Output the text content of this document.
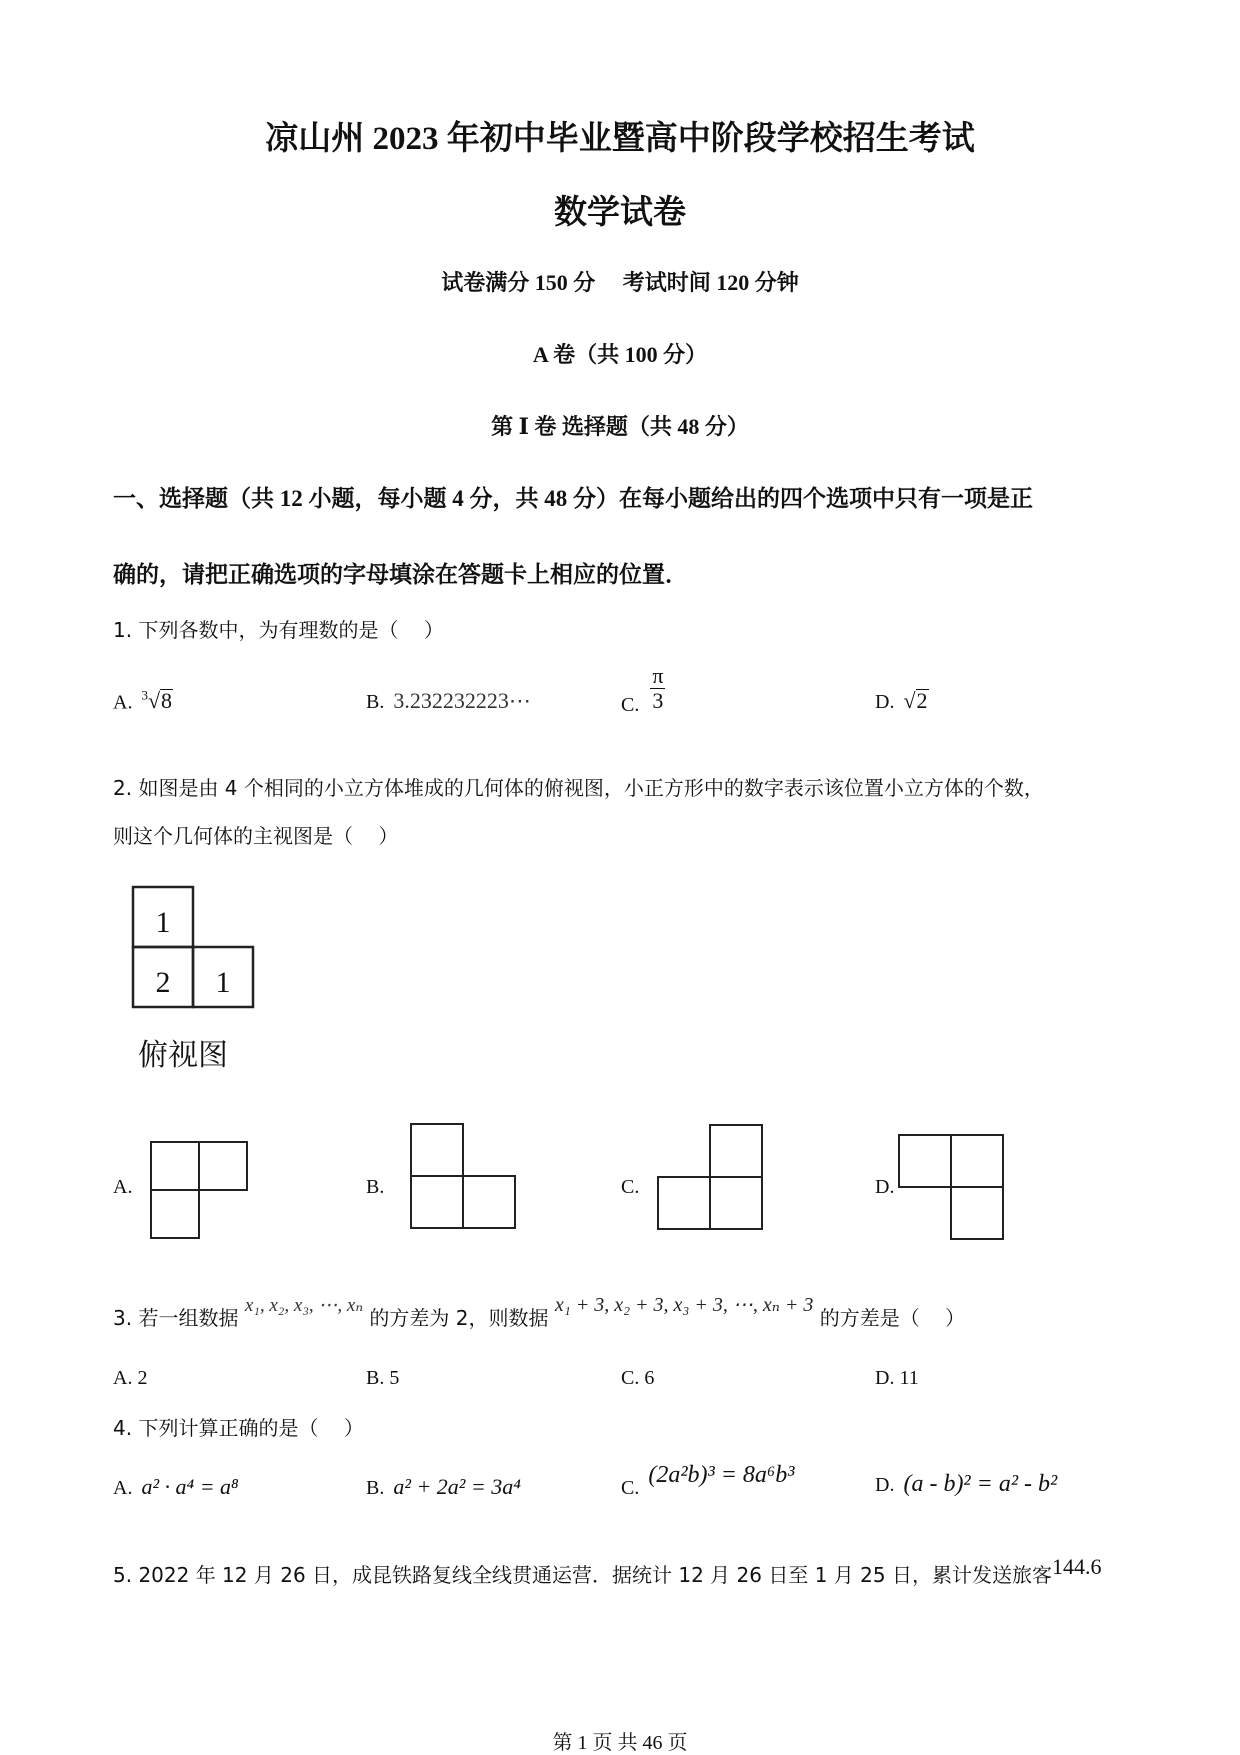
凉山州 2023 年初中毕业暨高中阶段学校招生考试
数学试卷
试卷满分 150 分     考试时间 120 分钟
A 卷（共 100 分）
第 Ⅰ 卷 选择题（共 48 分）
一、选择题（共 12 小题，每小题 4 分，共 48 分）在每小题给出的四个选项中只有一项是正
确的，请把正确选项的字母填涂在答题卡上相应的位置．
1. 下列各数中，为有理数的是（    ）
A. $^3$√8	B. 3.232232223⋯	C. $\frac{\pi}{3}$	D. √2
2. 如图是由 4 个相同的小立方体堆成的几何体的俯视图，小正方形中的数字表示该位置小立方体的个数，
则这个几何体的主视图是（    ）
1
2	1
俯视图
A.	B.	C.	D.
3. 若一组数据 x₁, x₂, x₃, ⋯, xₙ 的方差为 2，则数据 x₁ + 3, x₂ + 3, x₃ + 3, ⋯, xₙ + 3 的方差是（    ）
A. 2	B. 5	C. 6	D. 11
4. 下列计算正确的是（    ）
A. a² · a⁴ = a⁸	B. a² + 2a² = 3a⁴	C. (2a²b)³ = 8a⁶b³	D. (a - b)² = a² - b²
5. 2022 年 12 月 26 日，成昆铁路复线全线贯通运营．据统计 12 月 26 日至 1 月 25 日，累计发送旅客144.6
第 1 页 共 46 页
